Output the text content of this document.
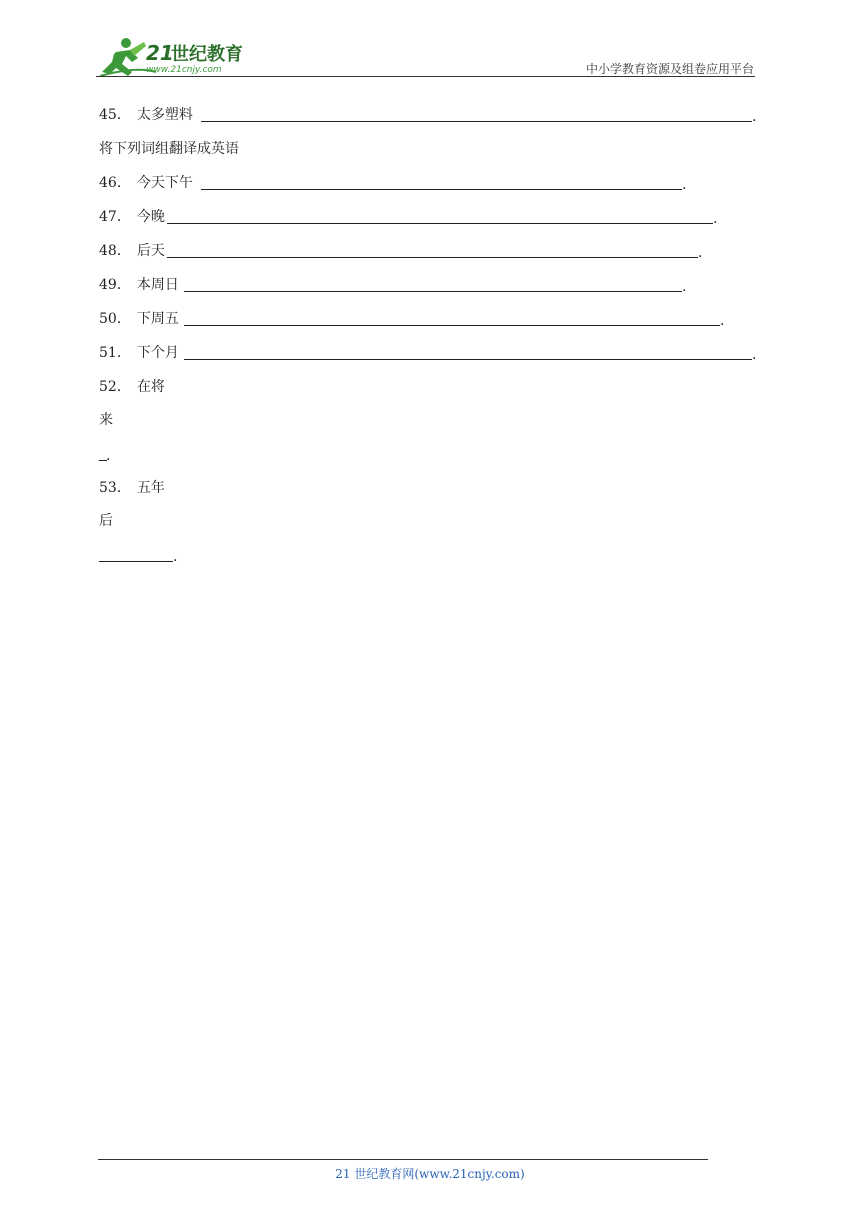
21
世纪教育
www.21cnjy.com	中小学教育资源及组卷应用平台
45． 太多塑料	.
将下列词组翻译成英语
46． 今天下午	.
47． 今晚	.
48． 后天	.
49． 本周日	.
50． 下周五	.
51． 下个月	.
52． 在将
来
.
53． 五年
后
.
21 世纪教育网(www.21cnjy.com)
